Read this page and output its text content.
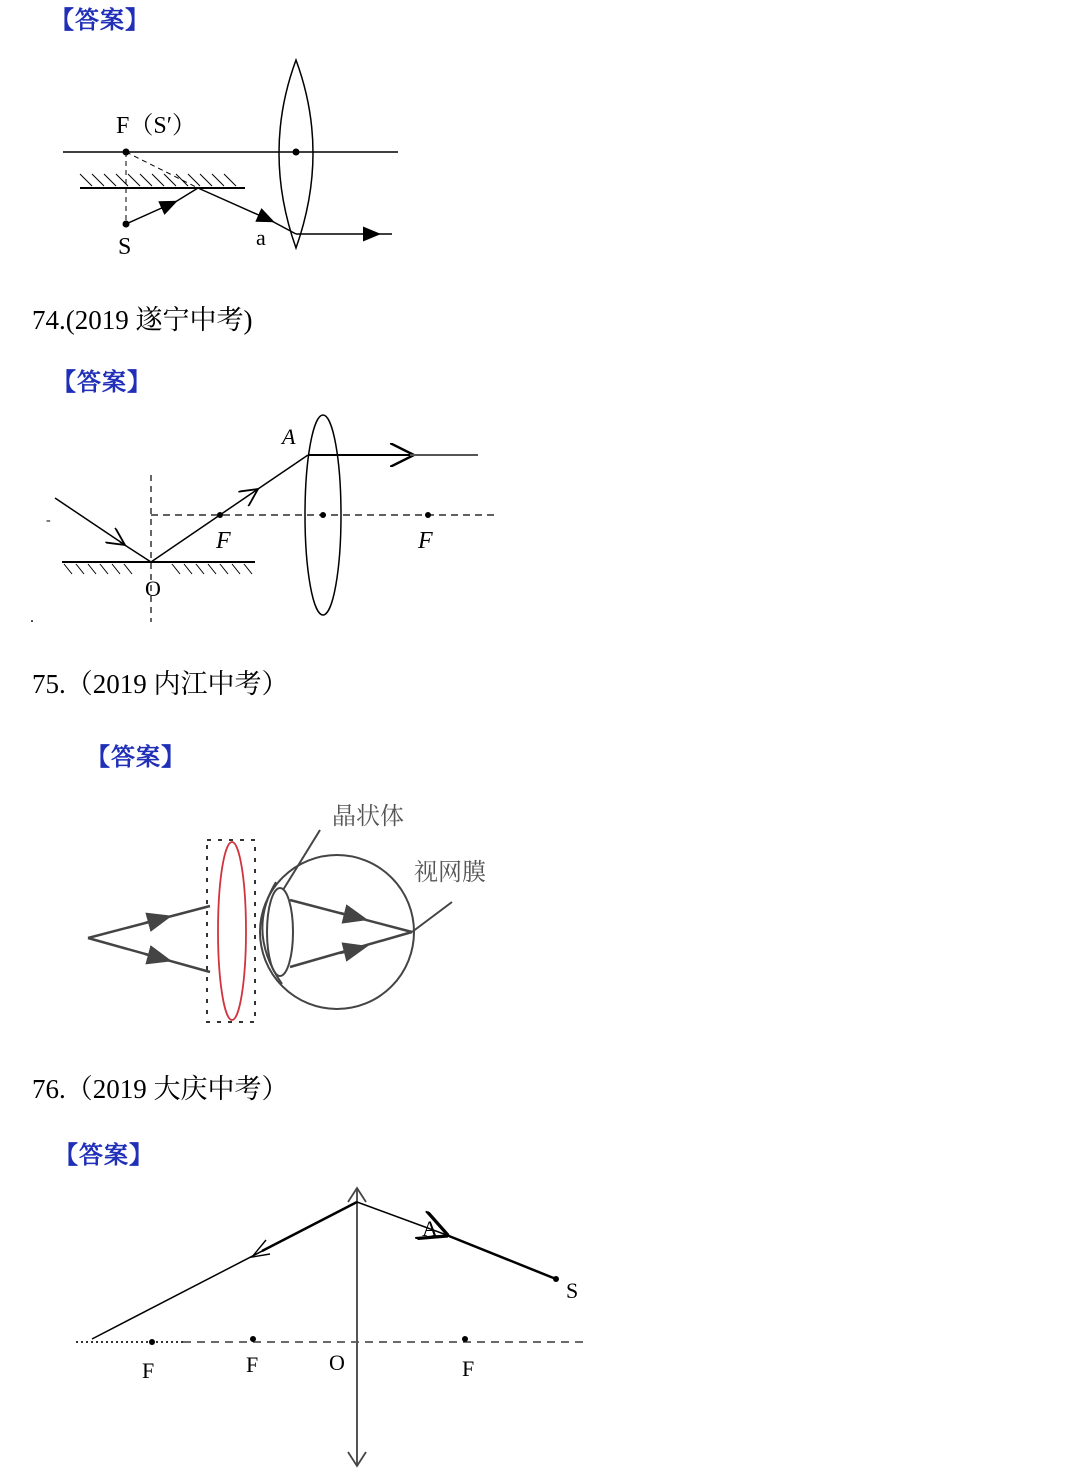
【答案】
F（S′）
S	a
74.(2019 遂宁中考)
【答案】
A
F	F
O
-
.
75.（2019 内江中考）
【答案】
晶状体
视网膜
76.（2019 大庆中考）
【答案】
A
S
F	F	O	F
